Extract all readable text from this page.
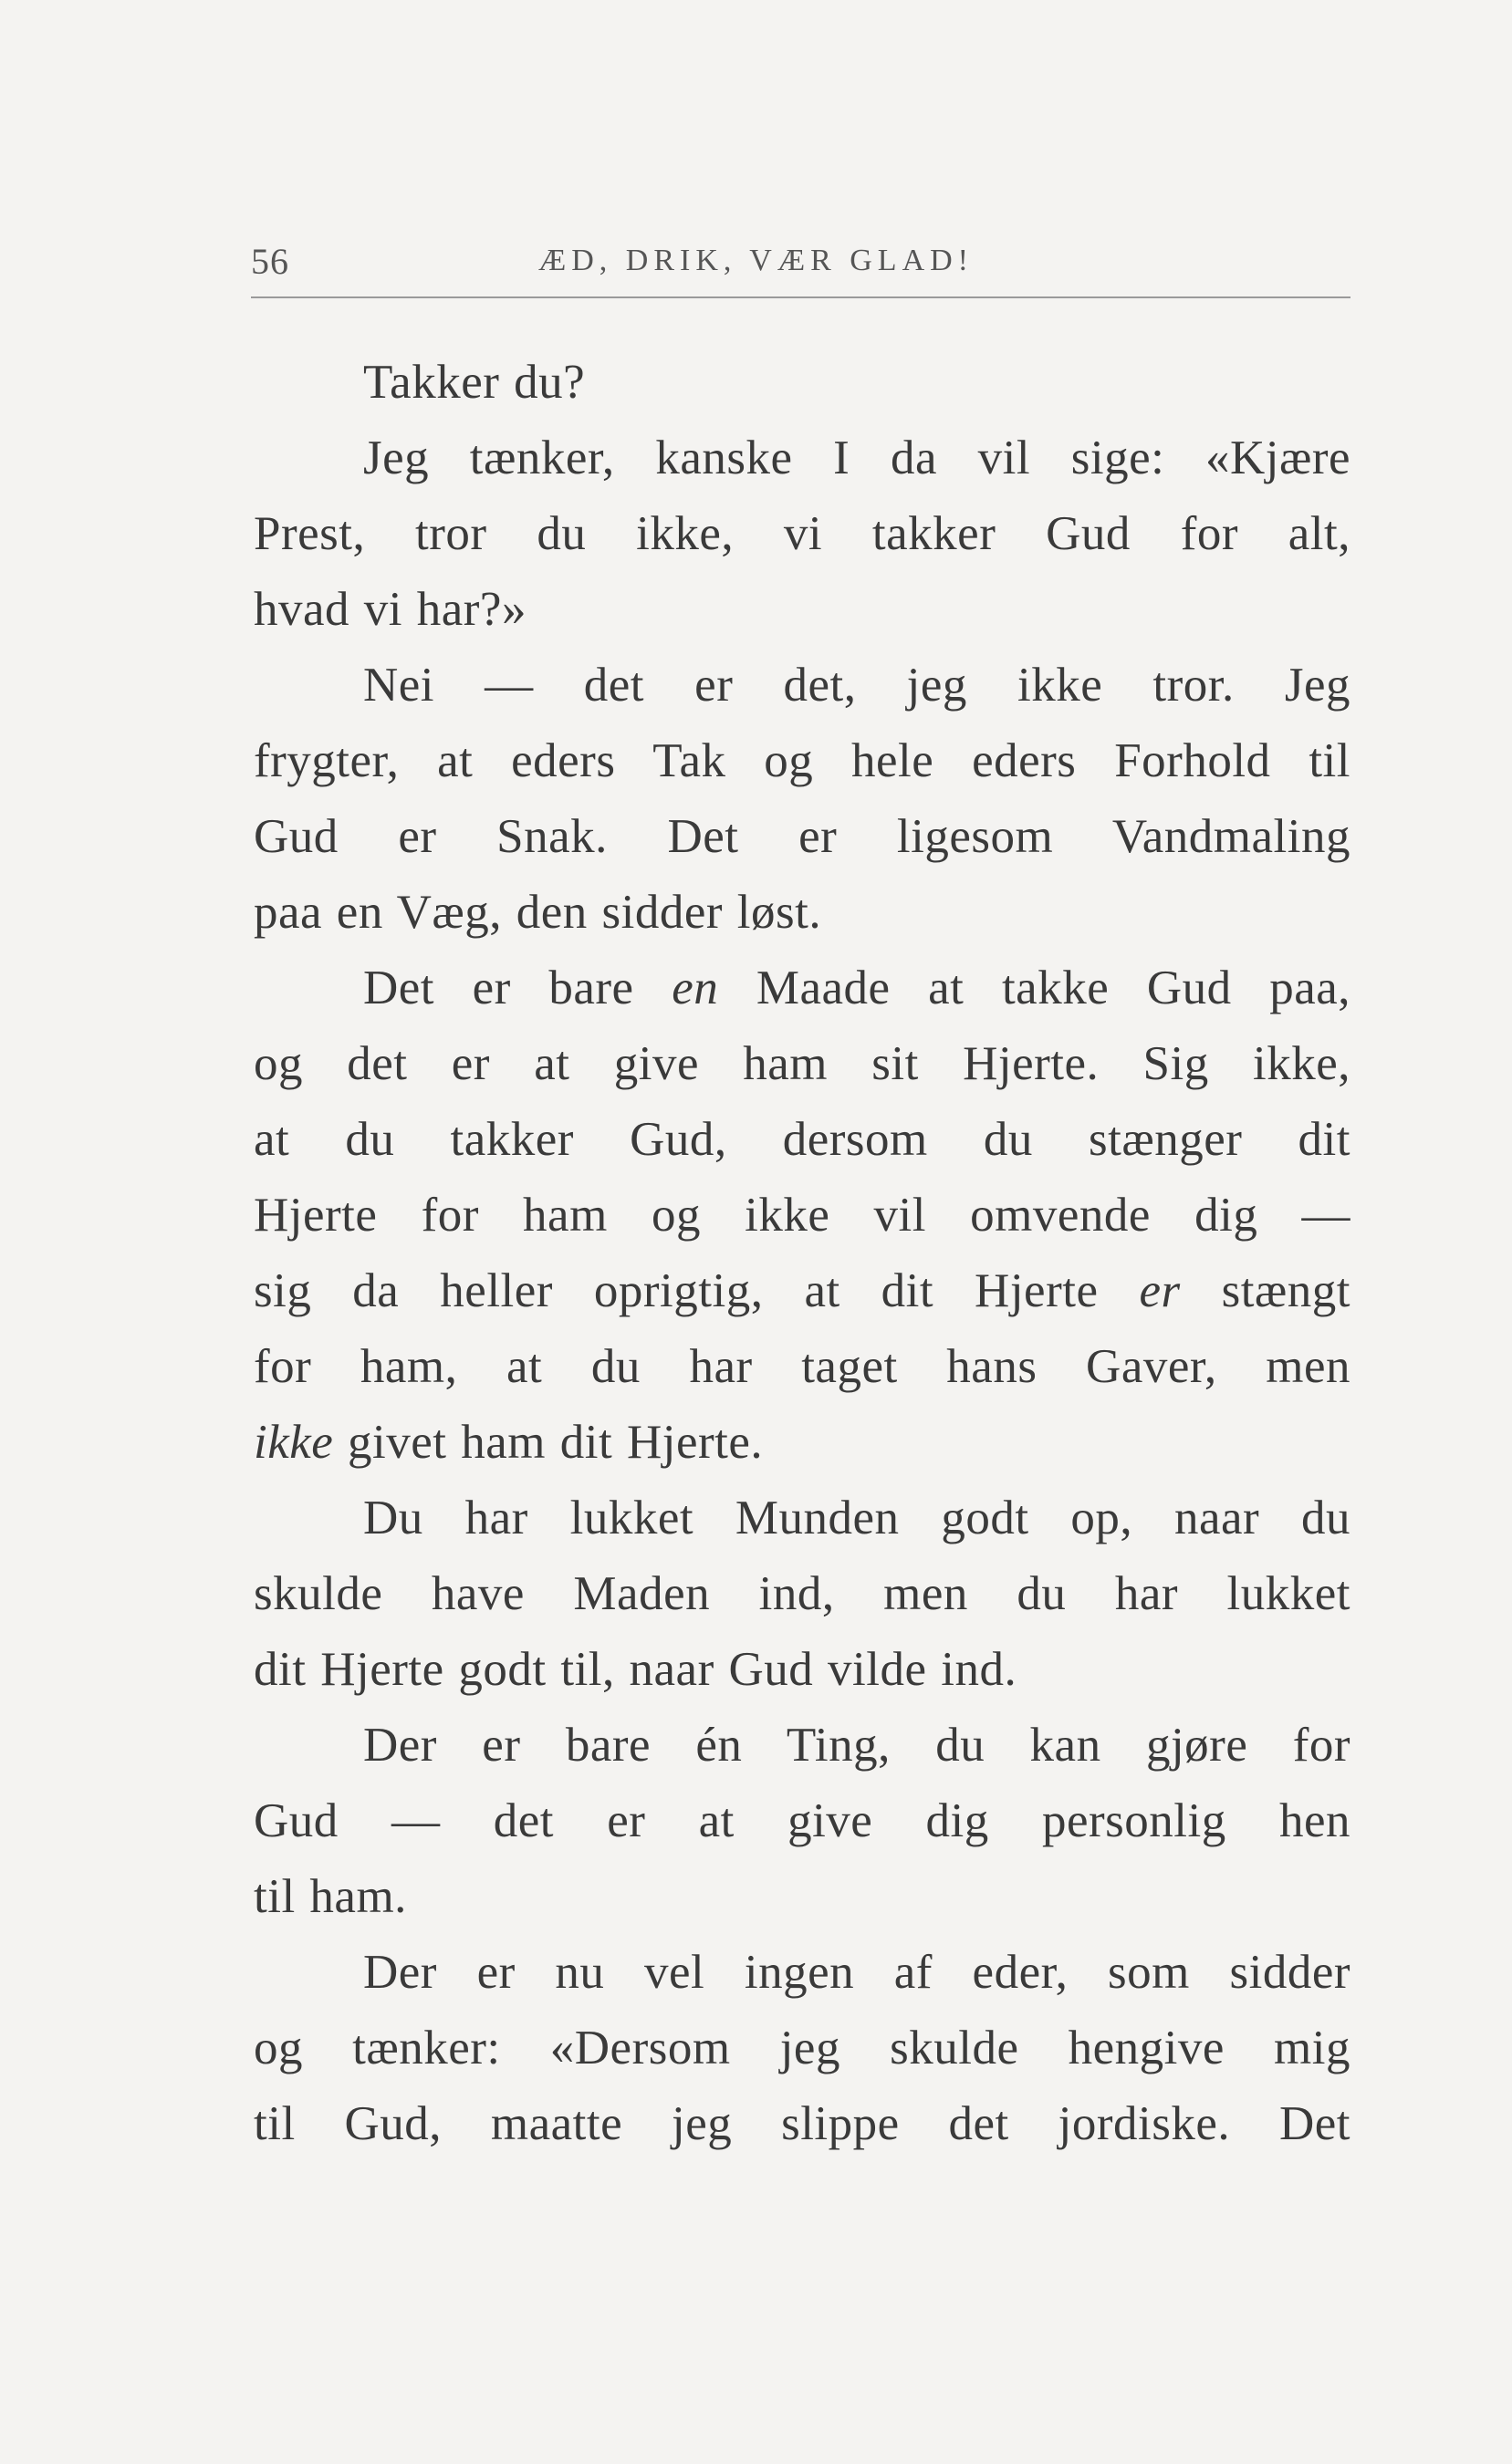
56	ÆD, DRIK, VÆR GLAD!
Takker du?
Jeg tænker, kanske I da vil sige: «Kjære
Prest, tror du ikke, vi takker Gud for alt,
hvad vi har?»
Nei — det er det, jeg ikke tror. Jeg
frygter, at eders Tak og hele eders Forhold til
Gud er Snak. Det er ligesom Vandmaling
paa en Væg, den sidder løst.
Det er bare en Maade at takke Gud paa,
og det er at give ham sit Hjerte. Sig ikke,
at du takker Gud, dersom du stænger dit
Hjerte for ham og ikke vil omvende dig —
sig da heller oprigtig, at dit Hjerte er stængt
for ham, at du har taget hans Gaver, men
ikke givet ham dit Hjerte.
Du har lukket Munden godt op, naar du
skulde have Maden ind, men du har lukket
dit Hjerte godt til, naar Gud vilde ind.
Der er bare én Ting, du kan gjøre for
Gud — det er at give dig personlig hen
til ham.
Der er nu vel ingen af eder, som sidder
og tænker: «Dersom jeg skulde hengive mig
til Gud, maatte jeg slippe det jordiske. Det
